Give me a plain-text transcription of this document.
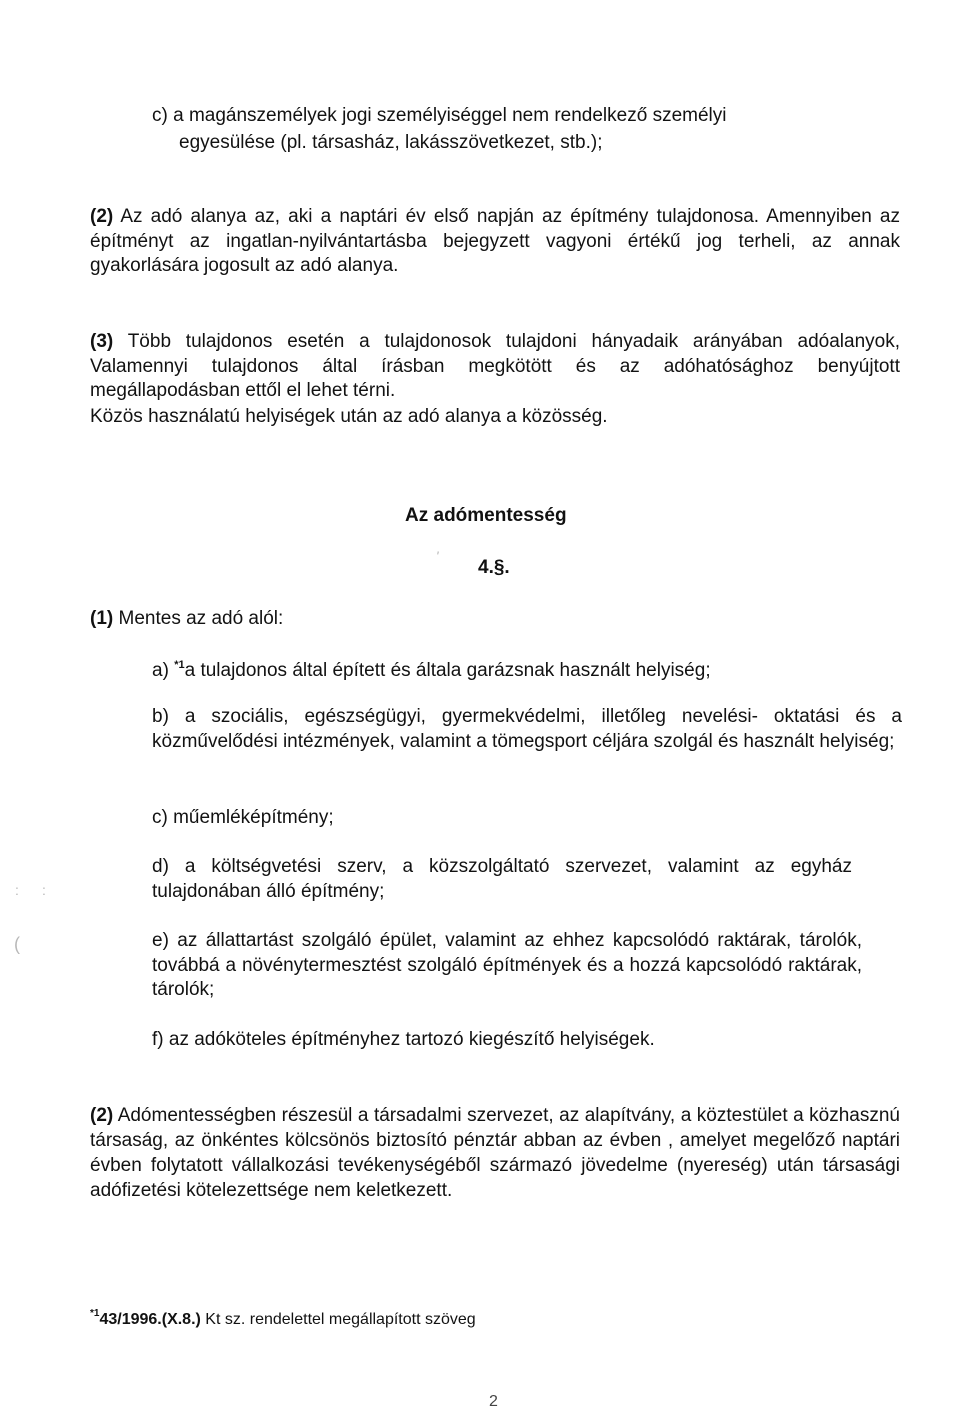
c) a magánszemélyek jogi személyiséggel nem rendelkező személyi
egyesülése (pl. társasház, lakásszövetkezet, stb.);
(2) Az adó alanya az, aki a naptári év első napján az építmény tulajdonosa. Amennyiben az építményt az ingatlan-nyilvántartásba bejegyzett vagyoni értékű jog terheli, az annak gyakorlására jogosult az adó alanya.
(3) Több tulajdonos esetén a tulajdonosok tulajdoni hányadaik arányában adóalanyok, Valamennyi tulajdonos által írásban megkötött és az adóhatósághoz benyújtott megállapodásban ettől el lehet térni.
Közös használatú helyiségek után az adó alanya a közösség.
Az adómentesség
4.§.
(1) Mentes az adó alól:
a) $^{*1}$a tulajdonos által épített és általa garázsnak használt helyiség;
b) a szociális, egészségügyi, gyermekvédelmi, illetőleg nevelési- oktatási és a közművelődési intézmények, valamint a tömegsport céljára szolgál és használt helyiség;
c) műemléképítmény;
d) a költségvetési szerv, a közszolgáltató szervezet, valamint az egyház tulajdonában álló építmény;
e) az állattartást szolgáló épület, valamint az ehhez kapcsolódó raktárak, tárolók, továbbá a növénytermesztést szolgáló építmények és a hozzá kapcsolódó raktárak, tárolók;
f) az adóköteles építményhez tartozó kiegészítő helyiségek.
(2) Adómentességben részesül a társadalmi szervezet, az alapítvány, a köztestület a közhasznú társaság, az önkéntes kölcsönös biztosító pénztár abban az évben , amelyet megelőző naptári évben folytatott vállalkozási tevékenységéből származó jövedelme (nyereség) után társasági adófizetési kötelezettsége nem keletkezett.
$^{*1}$43/1996.(X.8.) Kt sz. rendelettel megállapított szöveg
2
'
: :
(
